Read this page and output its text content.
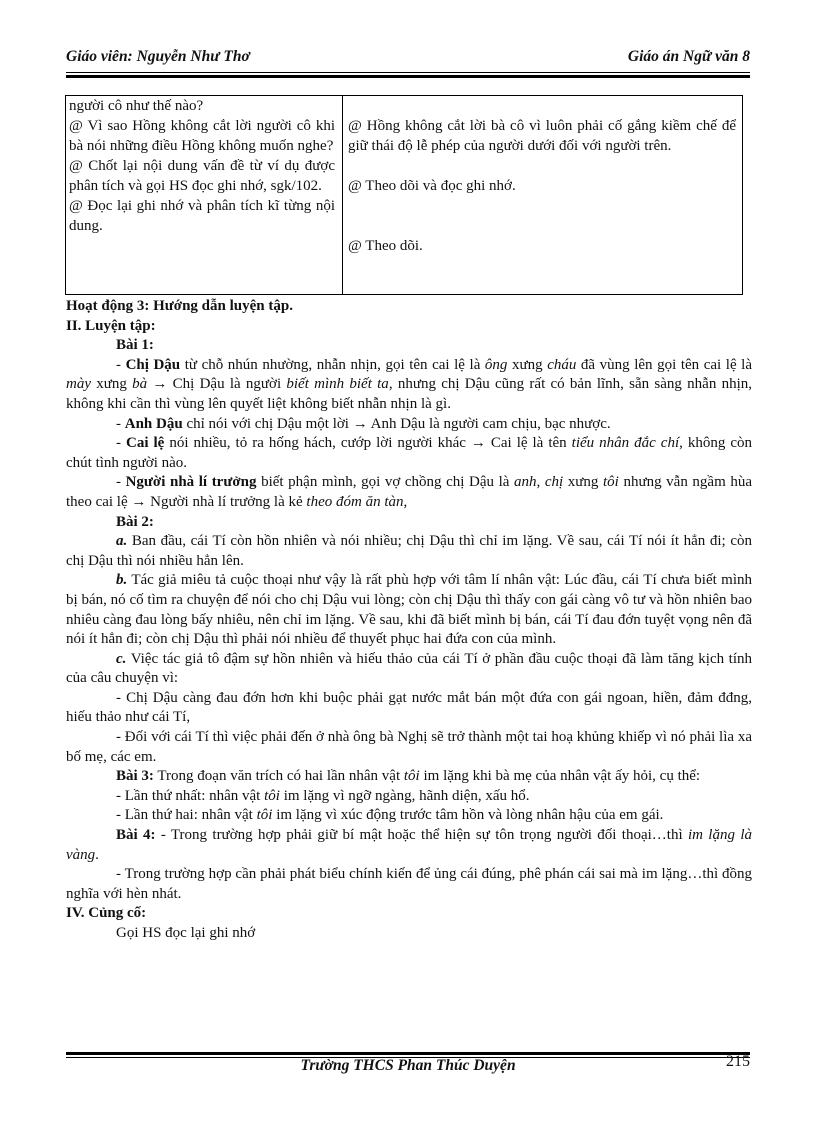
Giáo viên: Nguyễn Như Thơ	Giáo án Ngữ văn 8

người cô như thế nào?

@ Vì sao Hồng không cắt lời người cô khi bà nói những điều Hồng không muốn nghe?

@ Chốt lại nội dung vấn đề từ ví dụ được phân tích và gọi HS đọc ghi nhớ, sgk/102.

@ Đọc lại ghi nhớ và phân tích kĩ từng nội dung.

@ Hồng không cắt lời bà cô vì luôn phải cố gắng kiềm chế để giữ thái độ lễ phép của người dưới đối với người trên.

@ Theo dõi và đọc ghi nhớ.

@ Theo dõi.

Hoạt động 3: Hướng dẫn luyện tập.

II. Luyện tập:

Bài 1:

- Chị Dậu từ chỗ nhún nhường, nhẫn nhịn, gọi tên cai lệ là ông xưng cháu đã vùng lên gọi tên cai lệ là mày xưng bà → Chị Dậu là người biết mình biết ta, nhưng chị Dậu cũng rất có bản lĩnh, sẵn sàng nhẫn nhịn, không khi cần thì vùng lên quyết liệt không biết nhẫn nhịn là gì.

- Anh Dậu chỉ nói với chị Dậu một lời → Anh Dậu là người cam chịu, bạc nhược.

- Cai lệ nói nhiều, tỏ ra hống hách, cướp lời người khác → Cai lệ là tên tiểu nhân đắc chí, không còn chút tình người nào.

- Người nhà lí trưởng biết phận mình, gọi vợ chồng chị Dậu là anh, chị xưng tôi nhưng vẫn ngầm hùa theo cai lệ → Người nhà lí trưởng là kẻ theo đóm ăn tàn,

Bài 2:

a. Ban đầu, cái Tí còn hồn nhiên và nói nhiều; chị Dậu thì chỉ im lặng. Về sau, cái Tí nói ít hẳn đi; còn chị Dậu thì nói nhiều hẳn lên.

b. Tác giả miêu tả cuộc thoại như vậy là rất phù hợp với tâm lí nhân vật: Lúc đầu, cái Tí chưa biết mình bị bán, nó cố tìm ra chuyện để nói cho chị Dậu vui lòng; còn chị Dậu thì thấy con gái càng vô tư và hồn nhiên bao nhiêu càng đau lòng bấy nhiêu, nên chỉ im lặng. Về sau, khi đã biết mình bị bán, cái Tí đau đớn tuyệt vọng nên đã nói ít hẳn đi; còn chị Dậu thì phải nói nhiều để thuyết phục hai đứa con của mình.

c. Việc tác giả tô đậm sự hồn nhiên và hiếu thảo của cái Tí ở phần đầu cuộc thoại đã làm tăng kịch tính của câu chuyện vì:

- Chị Dậu càng đau đớn hơn khi buộc phải gạt nước mắt bán một đứa con gái ngoan, hiền, đảm đđng, hiếu thảo như cái Tí,

- Đối với cái Tí thì việc phải đến ở nhà ông bà Nghị sẽ trở thành một tai hoạ khủng khiếp vì nó phải lìa xa bố mẹ, các em.

Bài 3: Trong đoạn văn trích có hai lần nhân vật tôi im lặng khi bà mẹ của nhân vật ấy hỏi, cụ thể:

- Lần thứ nhất: nhân vật tôi im lặng vì ngỡ ngàng, hãnh diện, xấu hổ.

- Lần thứ hai: nhân vật tôi im lặng vì xúc động trước tâm hồn và lòng nhân hậu của em gái.

Bài 4: - Trong trường hợp phải giữ bí mật hoặc thể hiện sự tôn trọng người đối thoại…thì im lặng là vàng.

- Trong trường hợp cần phải phát biểu chính kiến để ủng cái đúng, phê phán cái sai mà im lặng…thì đồng nghĩa với hèn nhát.

IV. Củng cố:

Gọi HS đọc lại ghi nhớ

Trường THCS Phan Thúc Duyện	215
